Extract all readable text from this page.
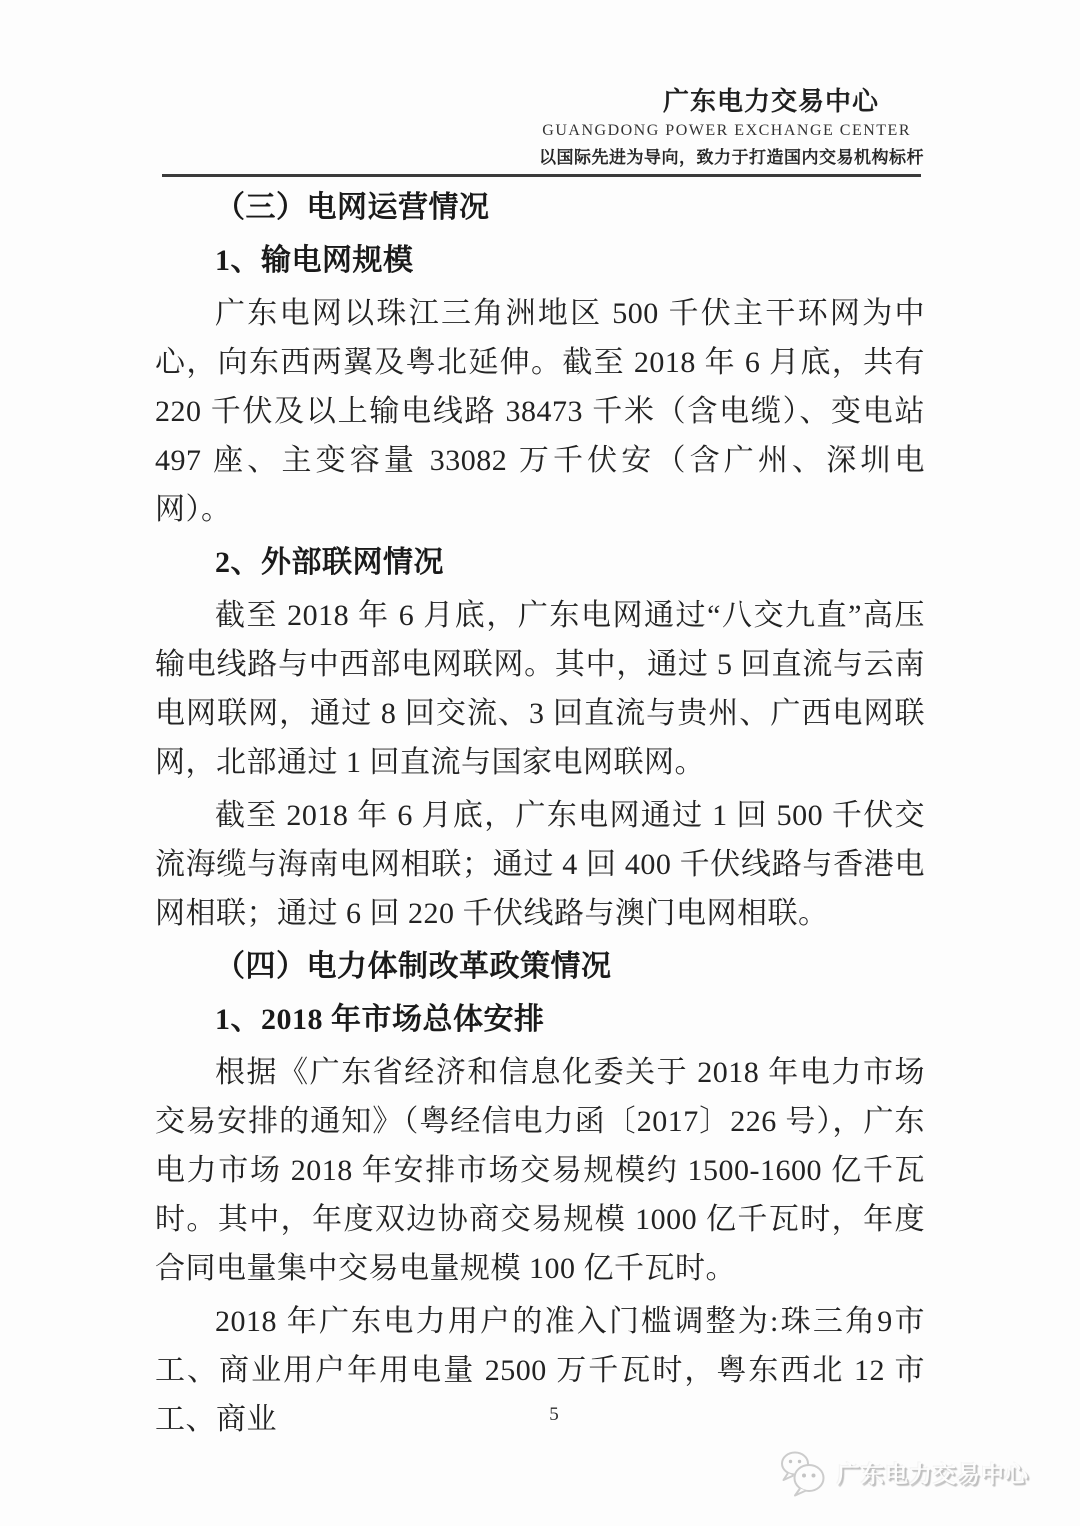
广东电力交易中心
GUANGDONG POWER EXCHANGE CENTER
以国际先进为导向，致力于打造国内交易机构标杆
（三）电网运营情况
1、输电网规模

广东电网以珠江三角洲地区 500 千伏主干环网为中心，向东西两翼及粤北延伸。截至 2018 年 6 月底，共有 220 千伏及以上输电线路 38473 千米（含电缆）、变电站 497 座、主变容量 33082 万千伏安（含广州、深圳电网）。

2、外部联网情况

截至 2018 年 6 月底，广东电网通过“八交九直”高压输电线路与中西部电网联网。其中，通过 5 回直流与云南电网联网，通过 8 回交流、3 回直流与贵州、广西电网联网，北部通过 1 回直流与国家电网联网。

截至 2018 年 6 月底，广东电网通过 1 回 500 千伏交流海缆与海南电网相联；通过 4 回 400 千伏线路与香港电网相联；通过 6 回 220 千伏线路与澳门电网相联。

（四）电力体制改革政策情况
1、2018 年市场总体安排

根据《广东省经济和信息化委关于 2018 年电力市场交易安排的通知》（粤经信电力函〔2017〕226 号），广东电力市场 2018 年安排市场交易规模约 1500-1600 亿千瓦时。其中，年度双边协商交易规模 1000 亿千瓦时，年度合同电量集中交易电量规模 100 亿千瓦时。

2018 年广东电力用户的准入门槛调整为:珠三角9市工、商业用户年用电量 2500 万千瓦时，粤东西北 12 市工、商业	5
广东电力交易中心
